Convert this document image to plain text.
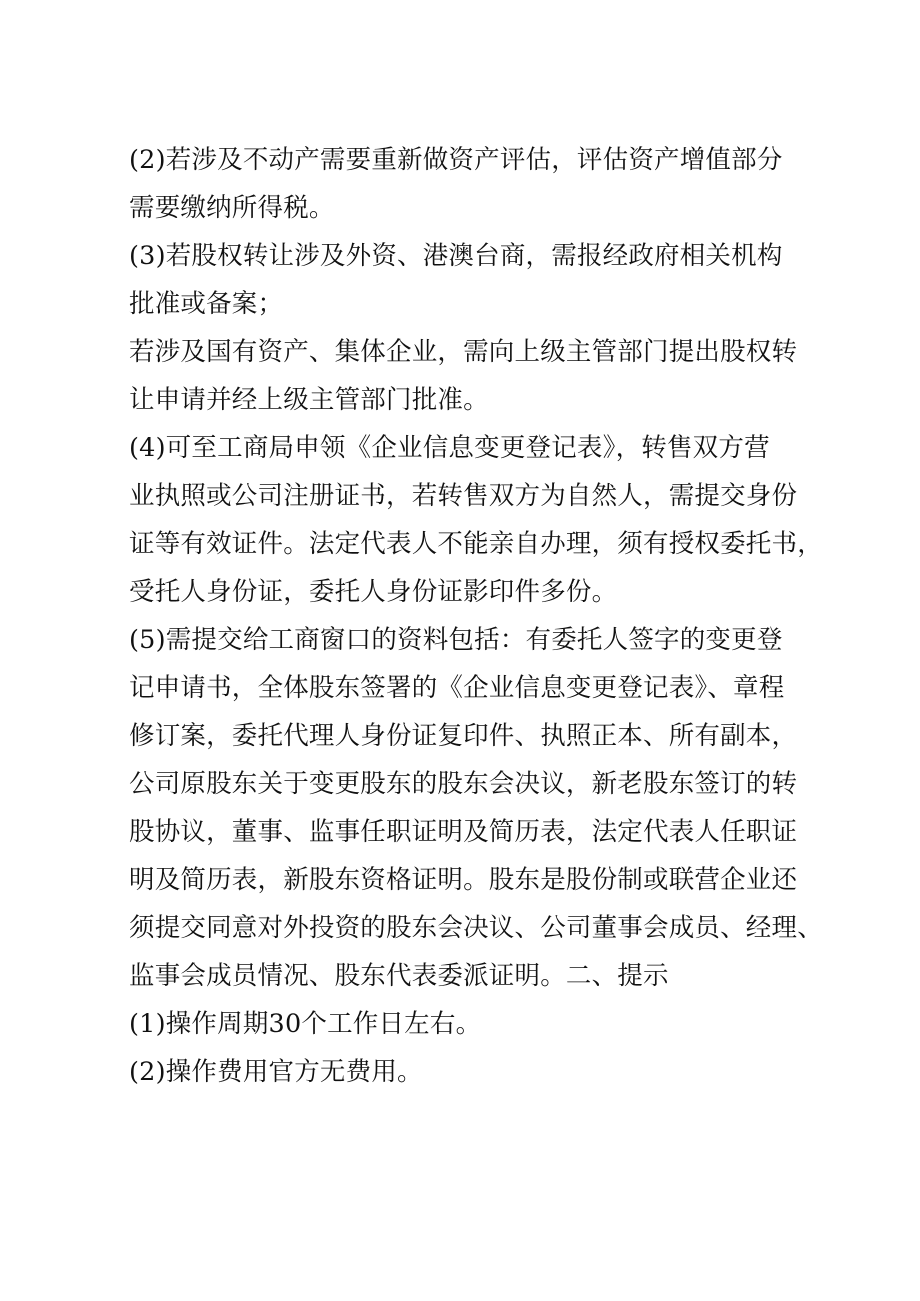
(2)若涉及不动产需要重新做资产评估，评估资产增值部分
需要缴纳所得税。
(3)若股权转让涉及外资、港澳台商，需报经政府相关机构
批准或备案；
若涉及国有资产、集体企业，需向上级主管部门提出股权转
让申请并经上级主管部门批准。
(4)可至工商局申领《企业信息变更登记表》，转售双方营
业执照或公司注册证书，若转售双方为自然人，需提交身份
证等有效证件。法定代表人不能亲自办理，须有授权委托书，
受托人身份证，委托人身份证影印件多份。
(5)需提交给工商窗口的资料包括：有委托人签字的变更登
记申请书，全体股东签署的《企业信息变更登记表》、章程
修订案，委托代理人身份证复印件、执照正本、所有副本，
公司原股东关于变更股东的股东会决议，新老股东签订的转
股协议，董事、监事任职证明及简历表，法定代表人任职证
明及简历表，新股东资格证明。股东是股份制或联营企业还
须提交同意对外投资的股东会决议、公司董事会成员、经理、
监事会成员情况、股东代表委派证明。二、提示
(1)操作周期30个工作日左右。
(2)操作费用官方无费用。
